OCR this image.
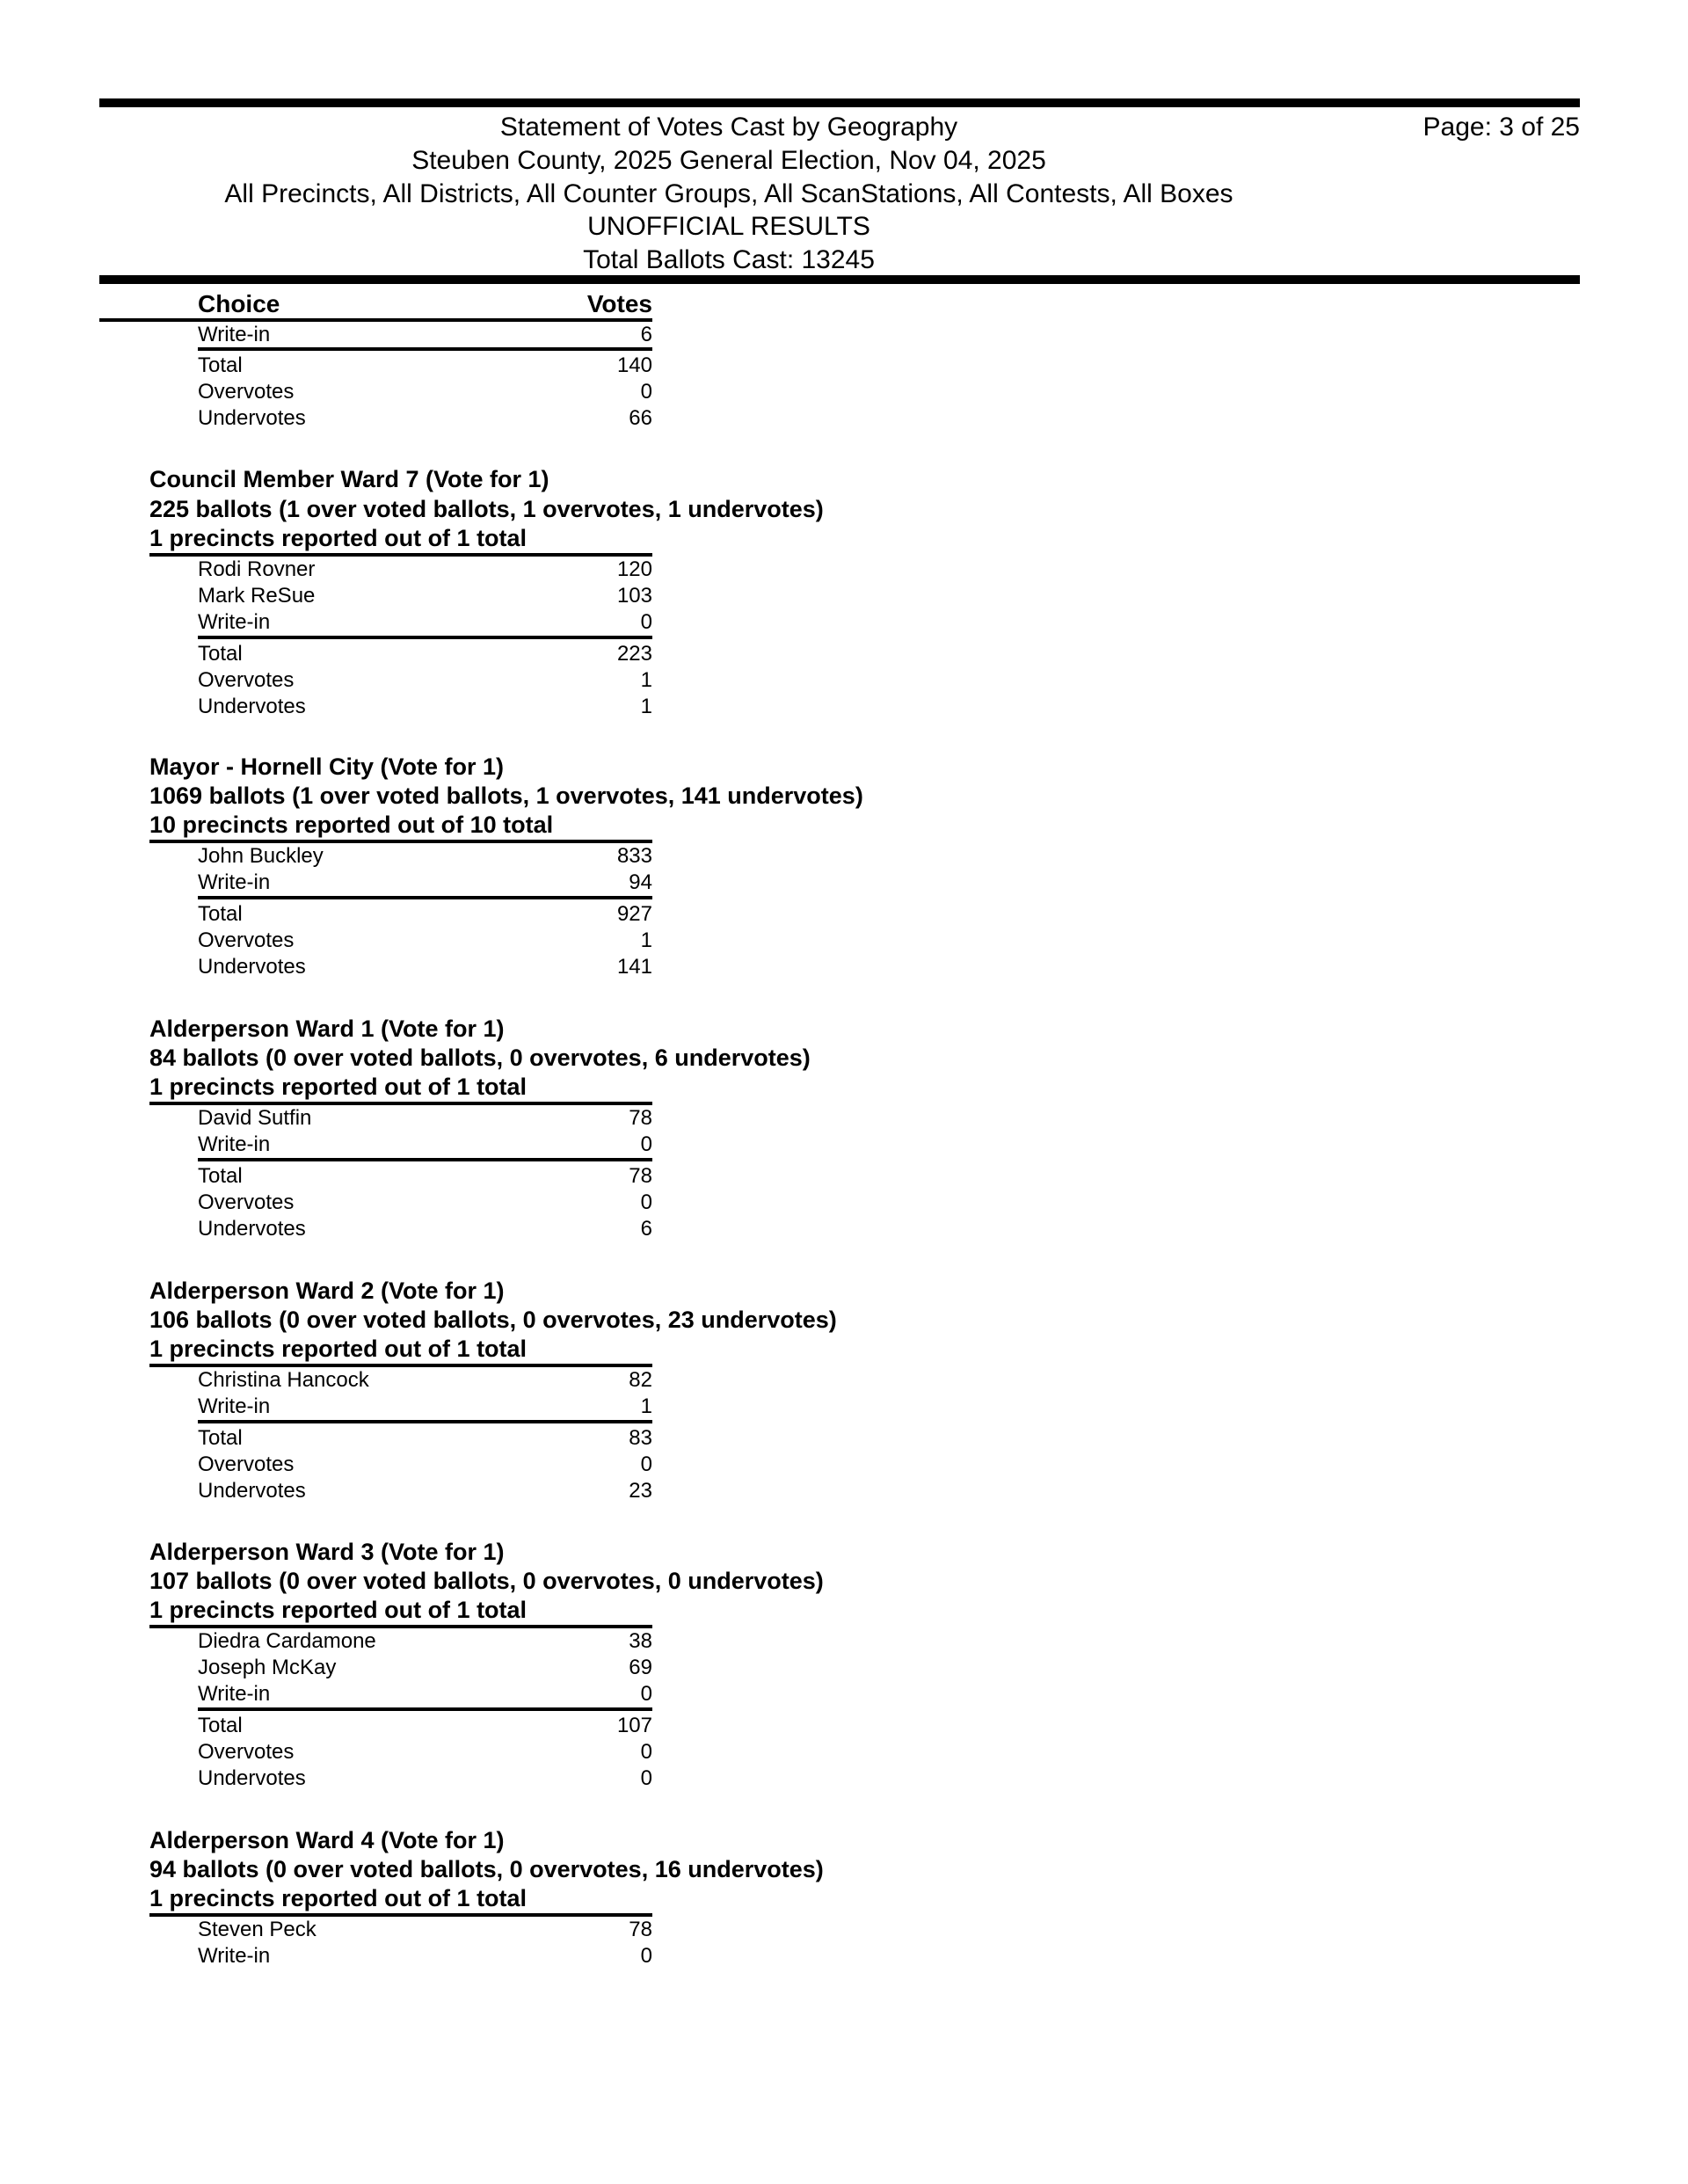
Statement of Votes Cast by Geography
Steuben County, 2025 General Election, Nov 04, 2025
All Precincts, All Districts, All Counter Groups, All ScanStations, All Contests, All Boxes
UNOFFICIAL RESULTS
Total Ballots Cast: 13245
Page: 3 of 25
Choice	Votes
Write-in	6
Total	140
Overvotes	0
Undervotes	66
Council Member Ward 7 (Vote for 1)
225 ballots (1 over voted ballots, 1 overvotes, 1 undervotes)
1 precincts reported out of 1 total
Rodi Rovner	120
Mark ReSue	103
Write-in	0
Total	223
Overvotes	1
Undervotes	1
Mayor - Hornell City (Vote for 1)
1069 ballots (1 over voted ballots, 1 overvotes, 141 undervotes)
10 precincts reported out of 10 total
John Buckley	833
Write-in	94
Total	927
Overvotes	1
Undervotes	141
Alderperson Ward 1 (Vote for 1)
84 ballots (0 over voted ballots, 0 overvotes, 6 undervotes)
1 precincts reported out of 1 total
David Sutfin	78
Write-in	0
Total	78
Overvotes	0
Undervotes	6
Alderperson Ward 2 (Vote for 1)
106 ballots (0 over voted ballots, 0 overvotes, 23 undervotes)
1 precincts reported out of 1 total
Christina Hancock	82
Write-in	1
Total	83
Overvotes	0
Undervotes	23
Alderperson Ward 3 (Vote for 1)
107 ballots (0 over voted ballots, 0 overvotes, 0 undervotes)
1 precincts reported out of 1 total
Diedra Cardamone	38
Joseph McKay	69
Write-in	0
Total	107
Overvotes	0
Undervotes	0
Alderperson Ward 4 (Vote for 1)
94 ballots (0 over voted ballots, 0 overvotes, 16 undervotes)
1 precincts reported out of 1 total
Steven Peck	78
Write-in	0
